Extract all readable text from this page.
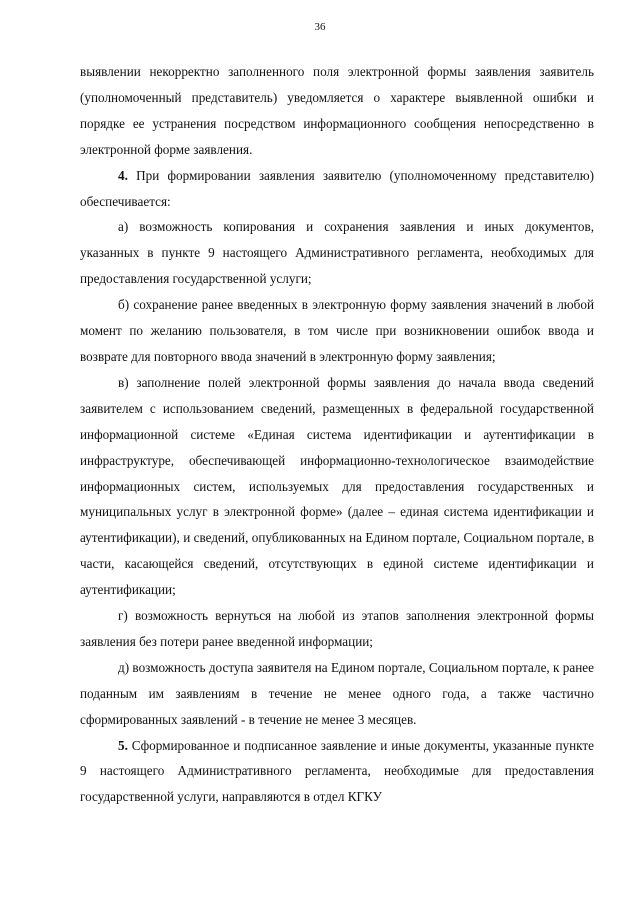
36

выявлении некорректно заполненного поля электронной формы заявления заявитель (уполномоченный представитель) уведомляется о характере выявленной ошибки и порядке ее устранения посредством информационного сообщения непосредственно в электронной форме заявления.

4. При формировании заявления заявителю (уполномоченному представителю) обеспечивается:

а) возможность копирования и сохранения заявления и иных документов, указанных в пункте 9 настоящего Административного регламента, необходимых для предоставления государственной услуги;

б) сохранение ранее введенных в электронную форму заявления значений в любой момент по желанию пользователя, в том числе при возникновении ошибок ввода и возврате для повторного ввода значений в электронную форму заявления;

в) заполнение полей электронной формы заявления до начала ввода сведений заявителем с использованием сведений, размещенных в федеральной государственной информационной системе «Единая система идентификации и аутентификации в инфраструктуре, обеспечивающей информационно-технологическое взаимодействие информационных систем, используемых для предоставления государственных и муниципальных услуг в электронной форме» (далее – единая система идентификации и аутентификации), и сведений, опубликованных на Едином портале, Социальном портале, в части, касающейся сведений, отсутствующих в единой системе идентификации и аутентификации;

г) возможность вернуться на любой из этапов заполнения электронной формы заявления без потери ранее введенной информации;

д) возможность доступа заявителя на Едином портале, Социальном портале, к ранее поданным им заявлениям в течение не менее одного года, а также частично сформированных заявлений - в течение не менее 3 месяцев.

5. Сформированное и подписанное заявление и иные документы, указанные пункте 9 настоящего Административного регламента, необходимые для предоставления государственной услуги, направляются в отдел КГКУ
